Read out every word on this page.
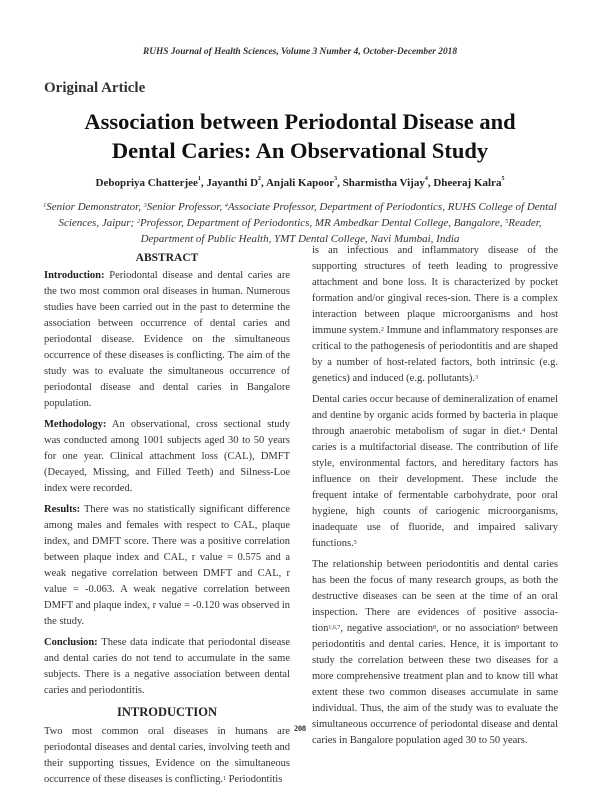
RUHS Journal of Health Sciences, Volume 3 Number 4, October-December 2018
Original Article
Association between Periodontal Disease and
Dental Caries: An Observational Study
Debopriya Chatterjee$^1$, Jayanthi $D^2$, Anjali Kapoor$^3$, Sharmistha Vijay$^4$, Dheeraj Kalra$^5$
$^1$Senior Demonstrator, $^3$Senior Professor, $^4$Associate Professor, Department of Periodontics, RUHS College of Dental Sciences, Jaipur; $^2$Professor, Department of Periodontics, MR Ambedkar Dental College, Bangalore, $^5$Reader, Department of Public Health, YMT Dental College, Navi Mumbai, India
ABSTRACT

Introduction: Periodontal disease and dental caries are the two most common oral diseases in human. Numerous studies have been carried out in the past to determine the association between occurrence of dental caries and periodontal disease. Evidence on the simultaneous occurrence of these diseases is conflicting. The aim of the study was to evaluate the simultaneous occurrence of periodontal disease and dental caries in Bangalore population.

Methodology: An observational, cross sectional study was conducted among 1001 subjects aged 30 to 50 years for one year. Clinical attachment loss (CAL), DMFT (Decayed, Missing, and Filled Teeth) and Silness-Loe index were recorded.

Results: There was no statistically significant difference among males and females with respect to CAL, plaque index, and DMFT score. There was a positive correlation between plaque index and CAL, r value = 0.575 and a weak negative correlation between DMFT and CAL, r value = -0.063. A weak negative correlation between DMFT and plaque index, r value = -0.120 was observed in the study.

Conclusion: These data indicate that periodontal disease and dental caries do not tend to accumulate in the same subjects. There is a negative association between dental caries and periodontitis.

INTRODUCTION

Two most common oral diseases in humans are periodontal diseases and dental caries, involving teeth and their supporting tissues, Evidence on the simultaneous occurrence of these diseases is conflicting.$^1$ Periodontitis

is an infectious and inflammatory disease of the supporting structures of teeth leading to progressive attachment and bone loss. It is characterized by pocket formation and/or gingival reces-sion. There is a complex interaction between plaque microorganisms and host immune system.$^2$ Immune and inflammatory responses are critical to the pathogenesis of periodontitis and are shaped by a number of host-related factors, both intrinsic (e.g. genetics) and induced (e.g. pollutants).$^3$

Dental caries occur because of demineralization of enamel and dentine by organic acids formed by bacteria in plaque through anaerobic metabolism of sugar in diet.$^4$ Dental caries is a multifactorial disease. The contribution of life style, environmental factors, and hereditary factors has influence on their development. These include the frequent intake of fermentable carbohydrate, poor oral hygiene, high counts of cariogenic microorganisms, inadequate use of fluoride, and impaired salivary functions.$^5$

The relationship between periodontitis and dental caries has been the focus of many research groups, as both the destructive diseases can be seen at the time of an oral inspection. There are evidences of positive associa-tion$^{1,6,7}$, negative association$^8$, or no association$^9$ between periodontitis and dental caries. Hence, it is important to study the correlation between these two diseases for a more comprehensive treatment plan and to know till what extent these two common diseases accumulate in same individual. Thus, the aim of the study was to evaluate the simultaneous occurrence of periodontal disease and dental caries in Bangalore population aged 30 to 50 years.

208
